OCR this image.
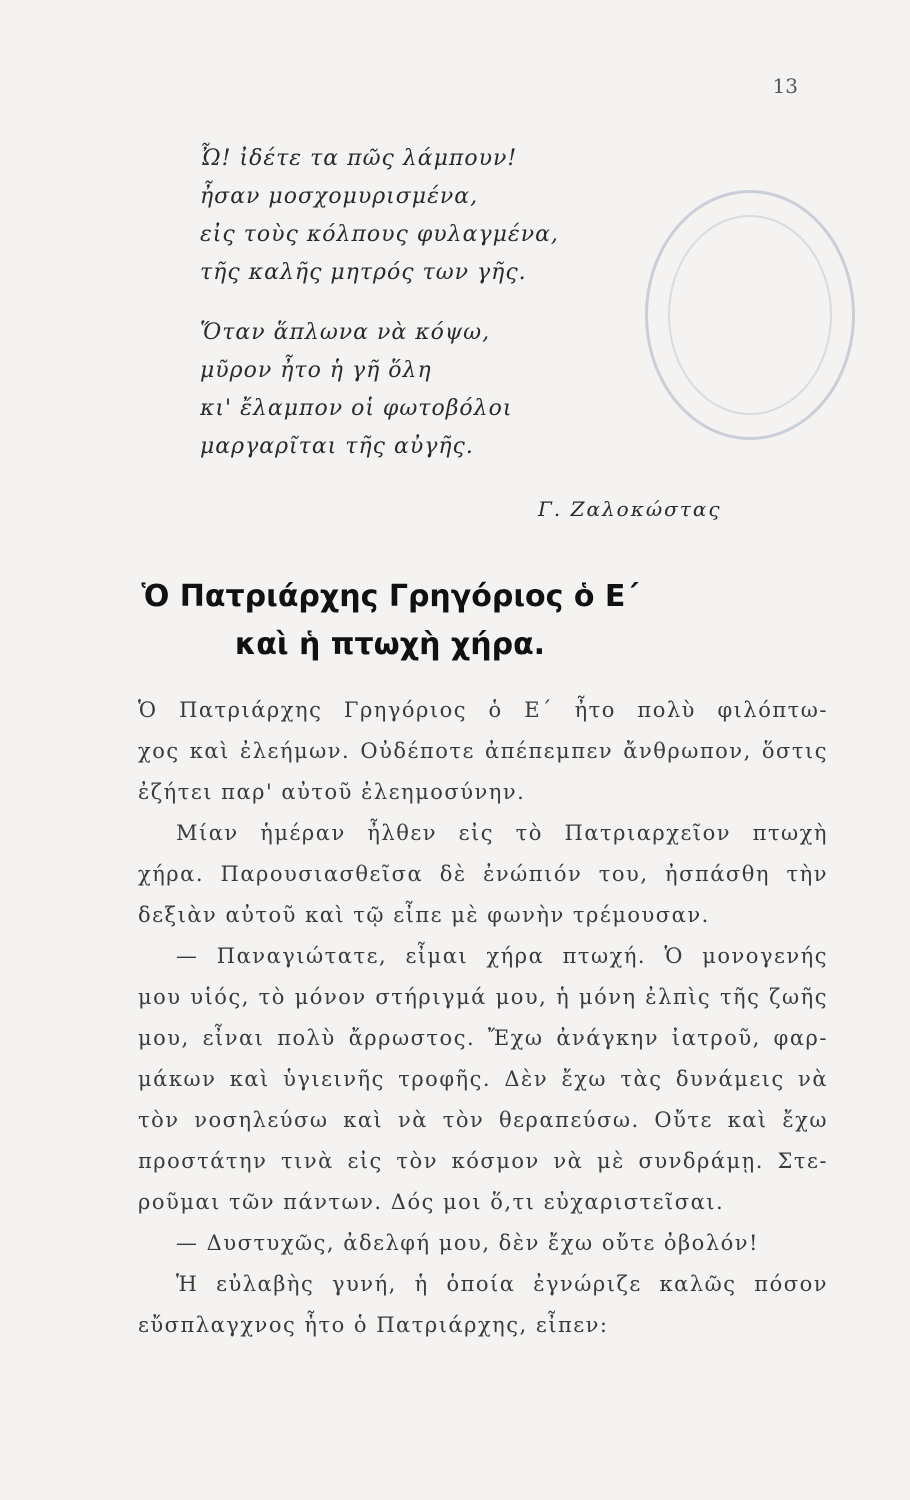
13
Ὦ! ἰδέτε τα πῶς λάμπουν!
ἦσαν μοσχομυρισμένα,
εἰς τοὺς κόλπους φυλαγμένα,
τῆς καλῆς μητρός των γῆς.
Ὅταν ἅπλωνα νὰ κόψω,
μῦρον ἦτο ἡ γῆ ὅλη
κι' ἔλαμπον οἱ φωτοβόλοι
μαργαρῖται τῆς αὐγῆς.
Γ. Ζαλοκώστας
Ὁ Πατριάρχης Γρηγόριος ὁ Ε΄
καὶ ἡ πτωχὴ χήρα.
Ὁ Πατριάρχης Γρηγόριος ὁ Ε΄ ἦτο πολὺ φιλόπτω-
χος καὶ ἐλεήμων. Οὐδέποτε ἀπέπεμπεν ἄνθρωπον, ὅστις
ἐζήτει παρ' αὐτοῦ ἐλεημοσύνην.
Μίαν ἡμέραν ἦλθεν εἰς τὸ Πατριαρχεῖον πτωχὴ
χήρα. Παρουσιασθεῖσα δὲ ἐνώπιόν του, ἠσπάσθη τὴν
δεξιὰν αὐτοῦ καὶ τῷ εἶπε μὲ φωνὴν τρέμουσαν.
— Παναγιώτατε, εἶμαι χήρα πτωχή. Ὁ μονογενής
μου υἱός, τὸ μόνον στήριγμά μου, ἡ μόνη ἐλπὶς τῆς ζωῆς
μου, εἶναι πολὺ ἄρρωστος. Ἔχω ἀνάγκην ἰατροῦ, φαρ-
μάκων καὶ ὑγιεινῆς τροφῆς. Δὲν ἔχω τὰς δυνάμεις νὰ
τὸν νοσηλεύσω καὶ νὰ τὸν θεραπεύσω. Οὔτε καὶ ἔχω
προστάτην τινὰ εἰς τὸν κόσμον νὰ μὲ συνδράμῃ. Στε-
ροῦμαι τῶν πάντων. Δός μοι ὅ,τι εὐχαριστεῖσαι.
— Δυστυχῶς, ἀδελφή μου, δὲν ἔχω οὔτε ὀβολόν!
Ἡ εὐλαβὴς γυνή, ἡ ὁποία ἐγνώριζε καλῶς πόσον
εὔσπλαγχνος ἦτο ὁ Πατριάρχης, εἶπεν:
